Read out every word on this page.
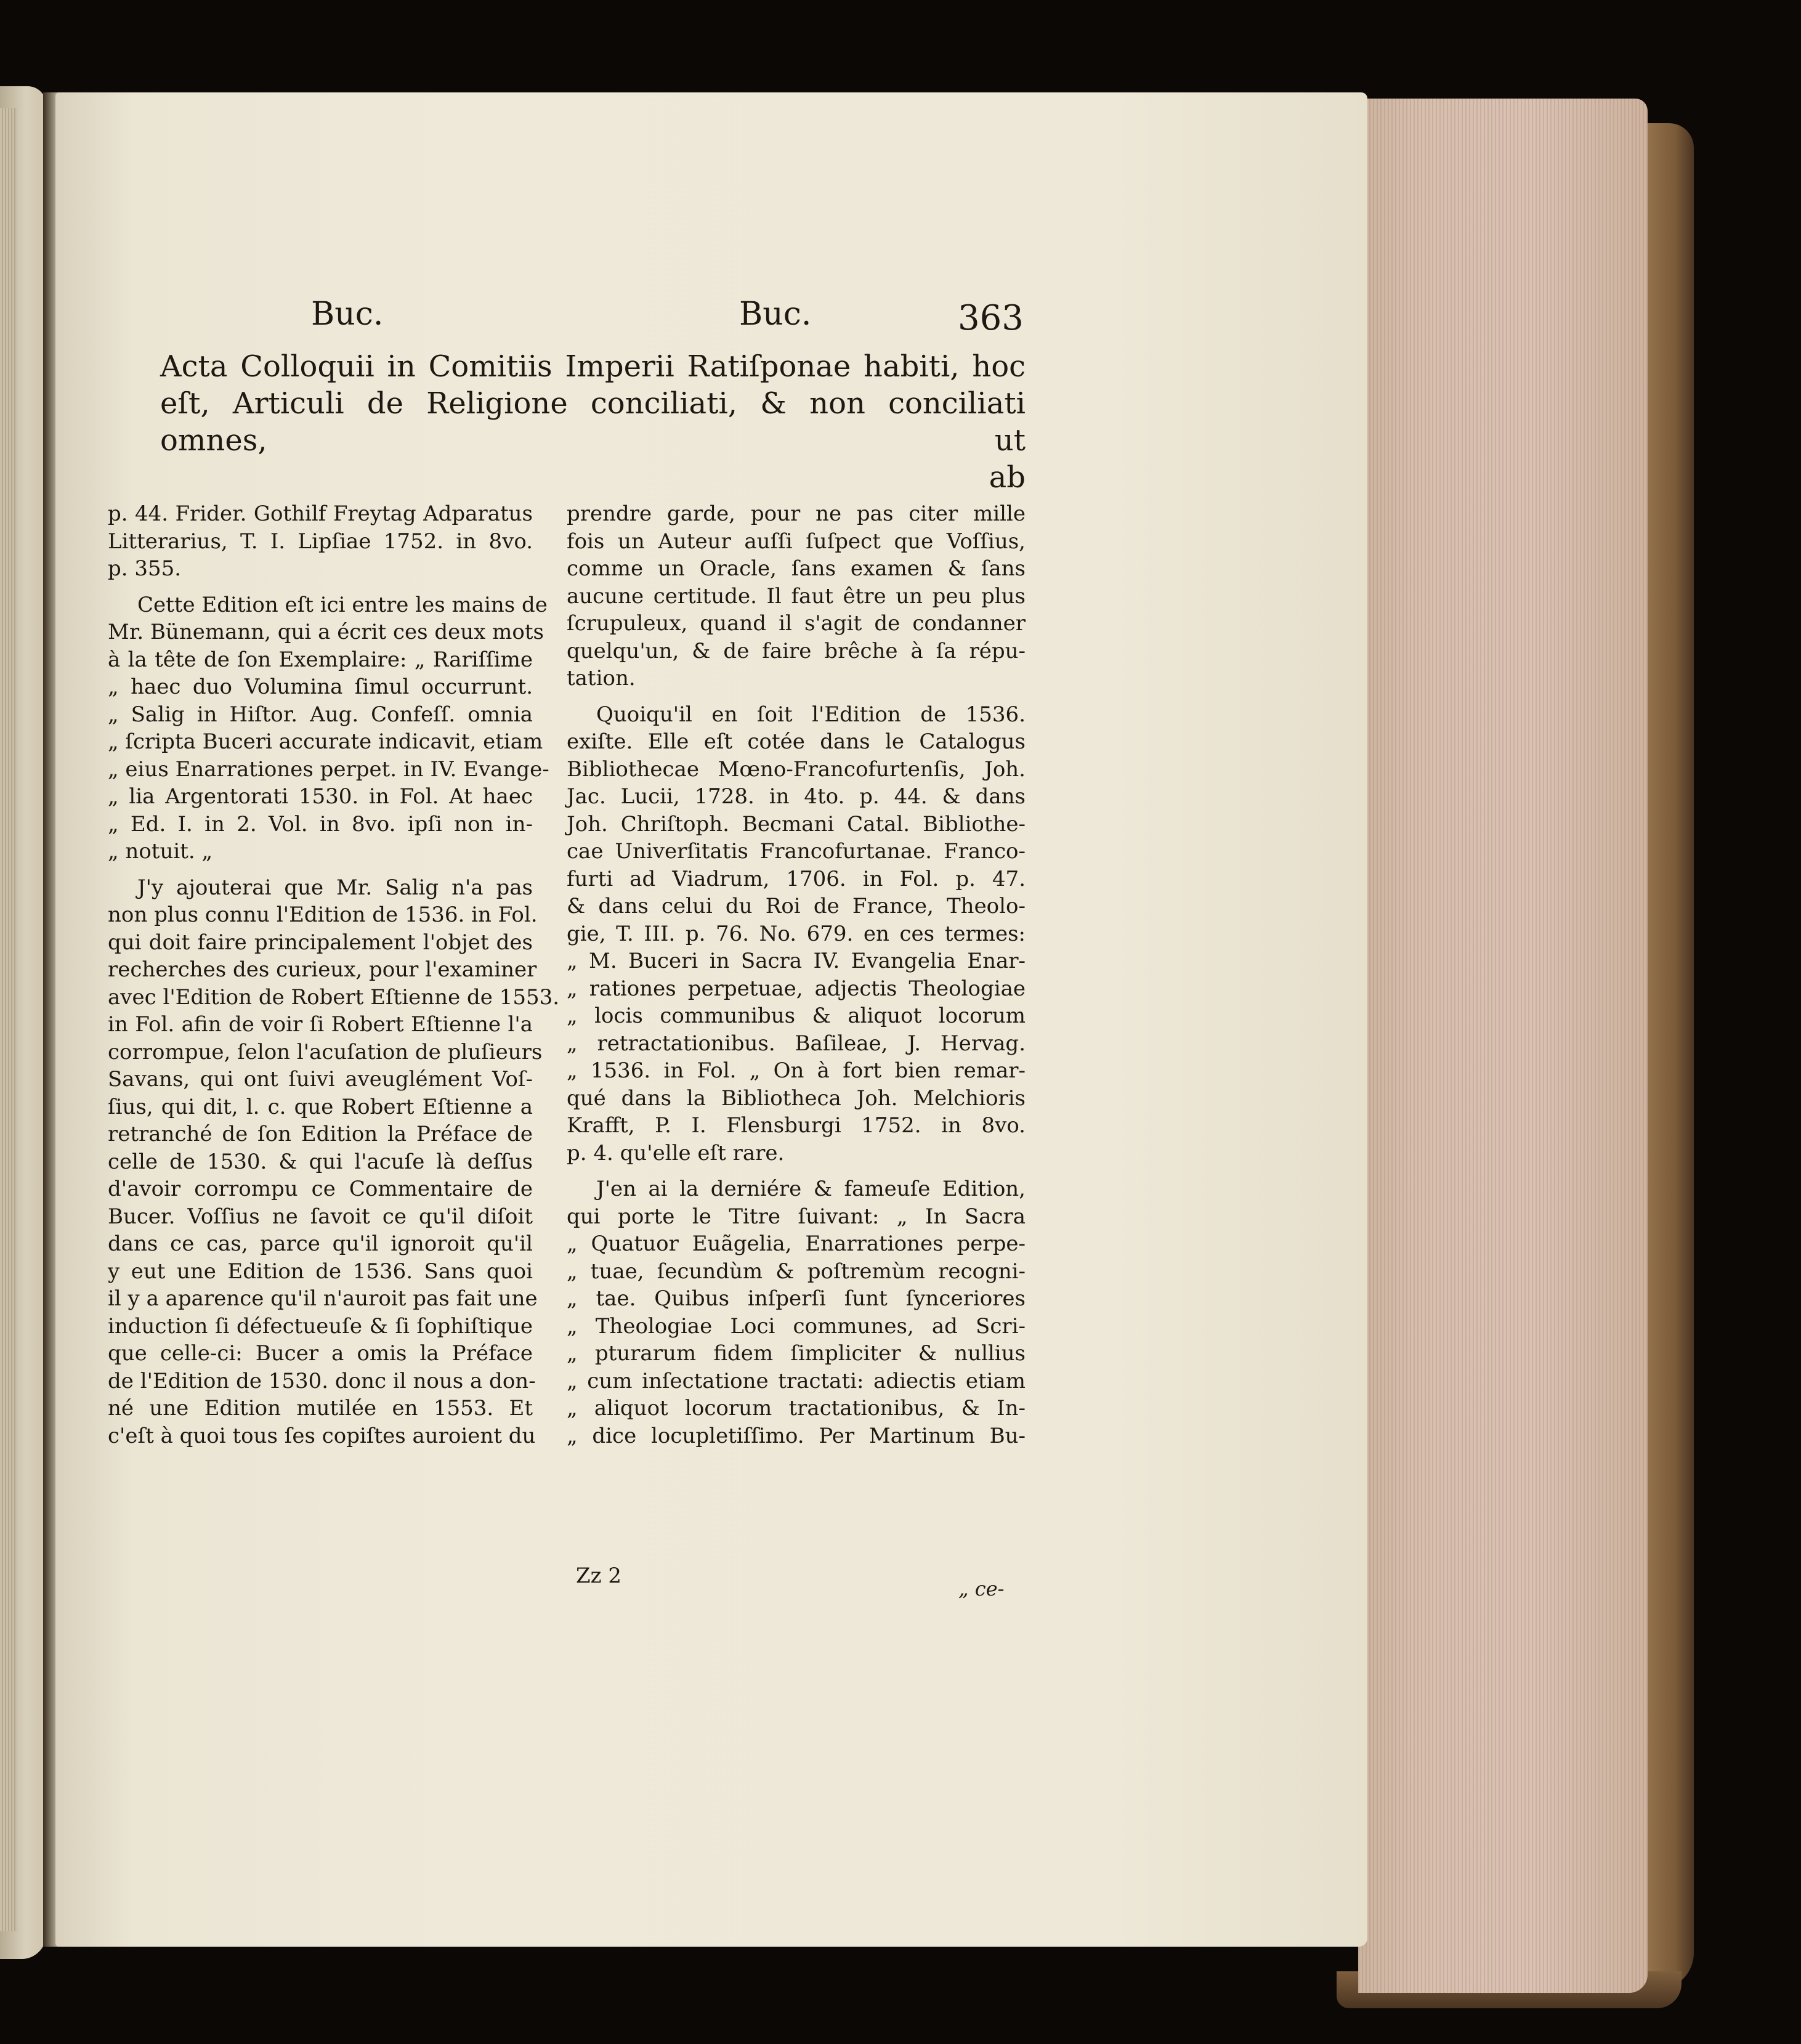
Buc.	Buc.	363
Acta Colloquii in Comitiis Imperii Ratiſponae habiti, hoc
eſt, Articuli de Religione conciliati, & non conciliati omnes, ut
ab
p. 44. Frider. Gothilf Freytag Adparatus
Litterarius, T. I. Lipſiae 1752. in 8vo.
p. 355.
Cette Edition eſt ici entre les mains de
Mr. Bünemann, qui a écrit ces deux mots
à la tête de ſon Exemplaire: „ Rariſſime
„ haec duo Volumina ſimul occurrunt.
„ Salig in Hiſtor. Aug. Confeſſ. omnia
„ ſcripta Buceri accurate indicavit, etiam
„ eius Enarrationes perpet. in IV. Evange-
„ lia Argentorati 1530. in Fol. At haec
„ Ed. I. in 2. Vol. in 8vo. ipſi non in-
„ notuit. „
J'y ajouterai que Mr. Salig n'a pas
non plus connu l'Edition de 1536. in Fol.
qui doit faire principalement l'objet des
recherches des curieux, pour l'examiner
avec l'Edition de Robert Eſtienne de 1553.
in Fol. afin de voir ſi Robert Eſtienne l'a
corrompue, ſelon l'acuſation de pluſieurs
Savans, qui ont ſuivi aveuglément Voſ-
ſius, qui dit, l. c. que Robert Eſtienne a
retranché de ſon Edition la Préface de
celle de 1530. & qui l'acuſe là deſſus
d'avoir corrompu ce Commentaire de
Bucer. Voſſius ne ſavoit ce qu'il diſoit
dans ce cas, parce qu'il ignoroit qu'il
y eut une Edition de 1536. Sans quoi
il y a aparence qu'il n'auroit pas fait une
induction ſi défectueuſe & ſi ſophiſtique
que celle-ci: Bucer a omis la Préface
de l'Edition de 1530. donc il nous a don-
né une Edition mutilée en 1553. Et
c'eſt à quoi tous ſes copiſtes auroient du
prendre garde, pour ne pas citer mille
fois un Auteur auſſi ſuſpect que Voſſius,
comme un Oracle, ſans examen & ſans
aucune certitude. Il faut être un peu plus
ſcrupuleux, quand il s'agit de condanner
quelqu'un, & de faire brêche à ſa répu-
tation.
Quoiqu'il en ſoit l'Edition de 1536.
exiſte. Elle eſt cotée dans le Catalogus
Bibliothecae Mœno-Francofurtenſis, Joh.
Jac. Lucii, 1728. in 4to. p. 44. & dans
Joh. Chriſtoph. Becmani Catal. Bibliothe-
cae Univerſitatis Francofurtanae. Franco-
furti ad Viadrum, 1706. in Fol. p. 47.
& dans celui du Roi de France, Theolo-
gie, T. III. p. 76. No. 679. en ces termes:
„ M. Buceri in Sacra IV. Evangelia Enar-
„ rationes perpetuae, adjectis Theologiae
„ locis communibus & aliquot locorum
„ retractationibus. Baſileae, J. Hervag.
„ 1536. in Fol. „ On à fort bien remar-
qué dans la Bibliotheca Joh. Melchioris
Krafft, P. I. Flensburgi 1752. in 8vo.
p. 4. qu'elle eſt rare.
J'en ai la derniére & fameuſe Edition,
qui porte le Titre ſuivant: „ In Sacra
„ Quatuor Euãgelia, Enarrationes perpe-
„ tuae, ſecundùm & poſtremùm recogni-
„ tae. Quibus inſperſi ſunt ſynceriores
„ Theologiae Loci communes, ad Scri-
„ pturarum fidem ſimpliciter & nullius
„ cum inſectatione tractati: adiectis etiam
„ aliquot locorum tractationibus, & In-
„ dice locupletiſſimo. Per Martinum Bu-
Zz 2
„ ce-
